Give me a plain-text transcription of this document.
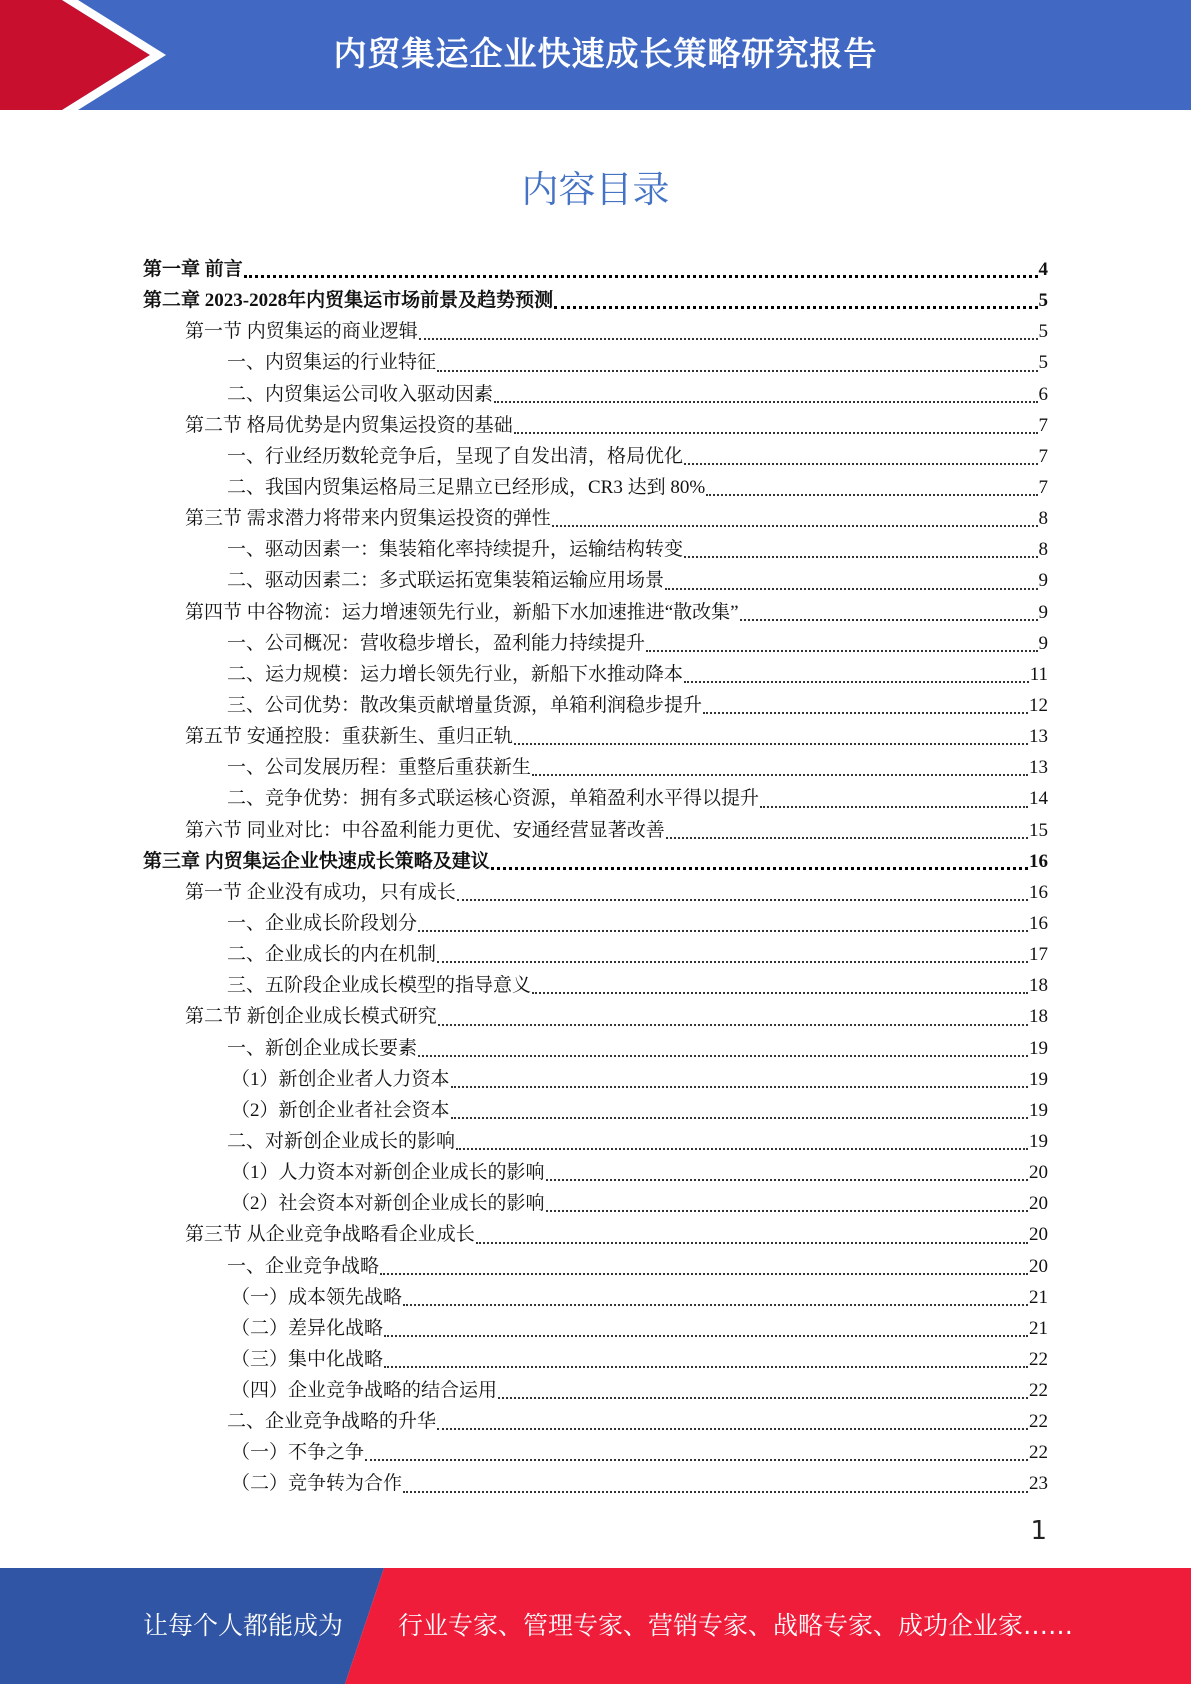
内贸集运企业快速成长策略研究报告
内容目录
第一章 前言	4
第二章 2023-2028年内贸集运市场前景及趋势预测	5
第一节 内贸集运的商业逻辑	5
一、内贸集运的行业特征	5
二、内贸集运公司收入驱动因素	6
第二节 格局优势是内贸集运投资的基础	7
一、行业经历数轮竞争后，呈现了自发出清，格局优化	7
二、我国内贸集运格局三足鼎立已经形成，CR3 达到 80%	7
第三节 需求潜力将带来内贸集运投资的弹性	8
一、驱动因素一：集装箱化率持续提升，运输结构转变	8
二、驱动因素二：多式联运拓宽集装箱运输应用场景	9
第四节 中谷物流：运力增速领先行业，新船下水加速推进“散改集”	9
一、公司概况：营收稳步增长，盈利能力持续提升	9
二、运力规模：运力增长领先行业，新船下水推动降本	11
三、公司优势：散改集贡献增量货源，单箱利润稳步提升	12
第五节 安通控股：重获新生、重归正轨	13
一、公司发展历程：重整后重获新生	13
二、竞争优势：拥有多式联运核心资源，单箱盈利水平得以提升	14
第六节 同业对比：中谷盈利能力更优、安通经营显著改善	15
第三章 内贸集运企业快速成长策略及建议	16
第一节 企业没有成功，只有成长	16
一、企业成长阶段划分	16
二、企业成长的内在机制	17
三、五阶段企业成长模型的指导意义	18
第二节 新创企业成长模式研究	18
一、新创企业成长要素	19
（1）新创企业者人力资本	19
（2）新创企业者社会资本	19
二、对新创企业成长的影响	19
（1）人力资本对新创企业成长的影响	20
（2）社会资本对新创企业成长的影响	20
第三节 从企业竞争战略看企业成长	20
一、企业竞争战略	20
（一）成本领先战略	21
（二）差异化战略	21
（三）集中化战略	22
（四）企业竞争战略的结合运用	22
二、企业竞争战略的升华	22
（一）不争之争	22
（二）竞争转为合作	23
1
让每个人都能成为 行业专家、管理专家、营销专家、战略专家、成功企业家……
